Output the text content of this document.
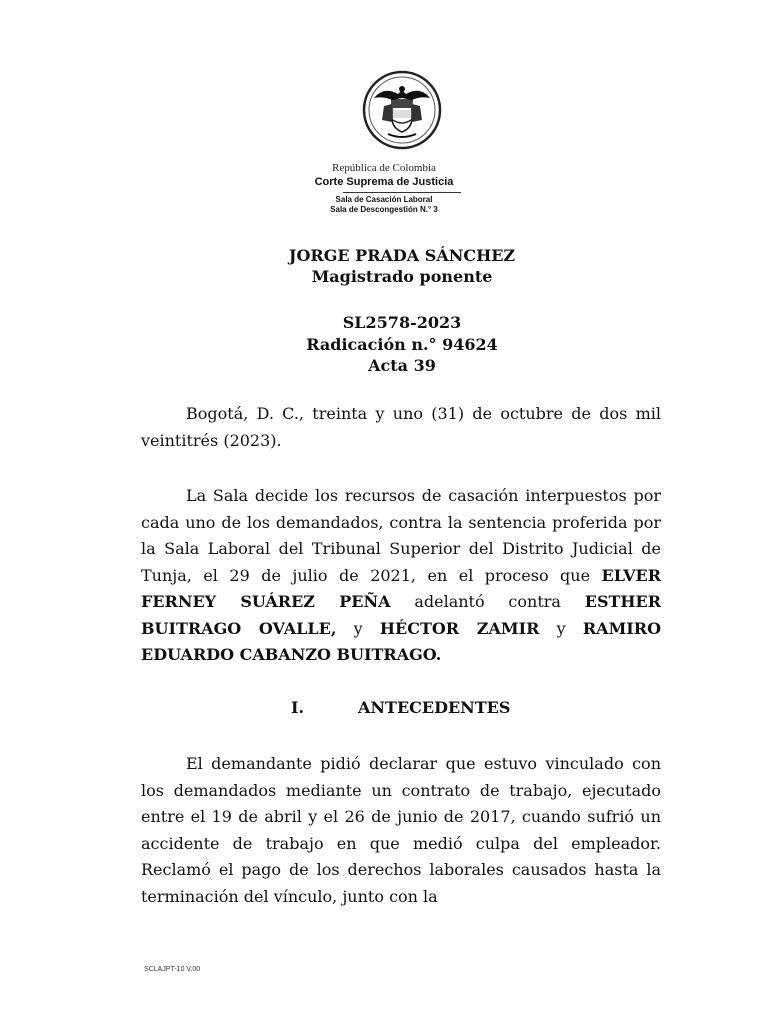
República de Colombia
Corte Suprema de Justicia
Sala de Casación Laboral
Sala de Descongestión N.° 3
JORGE PRADA SÁNCHEZ
Magistrado ponente
SL2578-2023
Radicación n.° 94624
Acta 39

Bogotá, D. C., treinta y uno (31) de octubre de dos mil veintitrés (2023).

La Sala decide los recursos de casación interpuestos por cada uno de los demandados, contra la sentencia proferida por la Sala Laboral del Tribunal Superior del Distrito Judicial de Tunja, el 29 de julio de 2021, en el proceso que ELVER FERNEY SUÁREZ PEÑA adelantó contra ESTHER BUITRAGO OVALLE, y HÉCTOR ZAMIR y RAMIRO EDUARDO CABANZO BUITRAGO.

I.	ANTECEDENTES

El demandante pidió declarar que estuvo vinculado con los demandados mediante un contrato de trabajo, ejecutado entre el 19 de abril y el 26 de junio de 2017, cuando sufrió un accidente de trabajo en que medió culpa del empleador. Reclamó el pago de los derechos laborales causados hasta la terminación del vínculo, junto con la

SCLAJPT-10 V.00
